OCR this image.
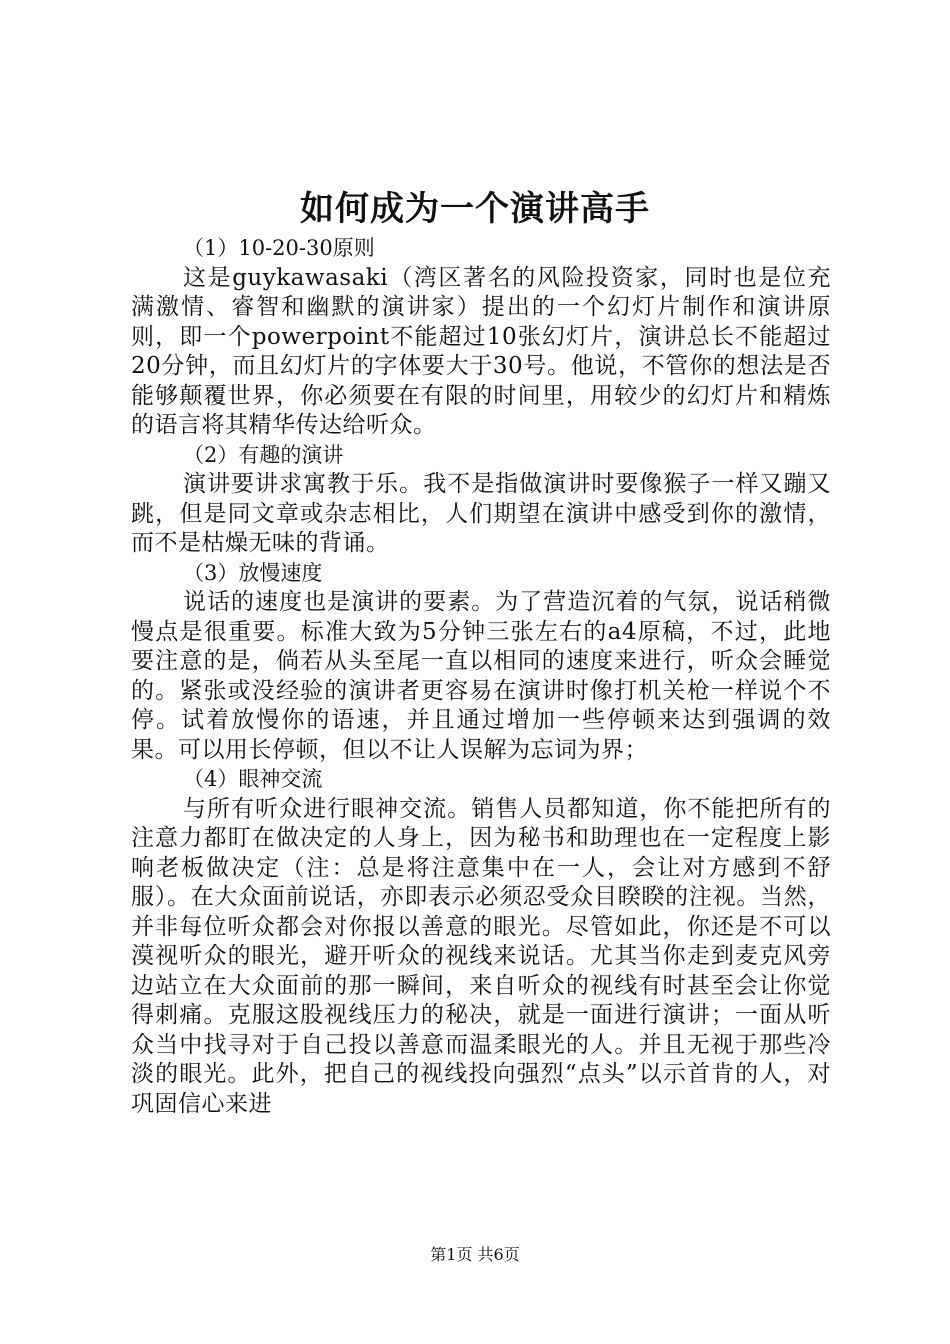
如何成为一个演讲高手
（1）10-20-30原则

这是guykawasaki（湾区著名的风险投资家，同时也是位充满激情、睿智和幽默的演讲家）提出的一个幻灯片制作和演讲原则，即一个powerpoint不能超过10张幻灯片，演讲总长不能超过20分钟，而且幻灯片的字体要大于30号。他说，不管你的想法是否能够颠覆世界，你必须要在有限的时间里，用较少的幻灯片和精炼的语言将其精华传达给听众。

（2）有趣的演讲

演讲要讲求寓教于乐。我不是指做演讲时要像猴子一样又蹦又跳，但是同文章或杂志相比，人们期望在演讲中感受到你的激情，而不是枯燥无味的背诵。

（3）放慢速度

说话的速度也是演讲的要素。为了营造沉着的气氛，说话稍微慢点是很重要。标准大致为5分钟三张左右的a4原稿，不过，此地要注意的是，倘若从头至尾一直以相同的速度来进行，听众会睡觉的。紧张或没经验的演讲者更容易在演讲时像打机关枪一样说个不停。试着放慢你的语速，并且通过增加一些停顿来达到强调的效果。可以用长停顿，但以不让人误解为忘词为界；

（4）眼神交流

与所有听众进行眼神交流。销售人员都知道，你不能把所有的注意力都盯在做决定的人身上，因为秘书和助理也在一定程度上影响老板做决定（注：总是将注意集中在一人，会让对方感到不舒服）。在大众面前说话，亦即表示必须忍受众目睽睽的注视。当然，并非每位听众都会对你报以善意的眼光。尽管如此，你还是不可以漠视听众的眼光，避开听众的视线来说话。尤其当你走到麦克风旁边站立在大众面前的那一瞬间，来自听众的视线有时甚至会让你觉得刺痛。克服这股视线压力的秘决，就是一面进行演讲；一面从听众当中找寻对于自己投以善意而温柔眼光的人。并且无视于那些冷淡的眼光。此外，把自己的视线投向强烈“点头”以示首肯的人，对巩固信心来进

第1页 共6页
